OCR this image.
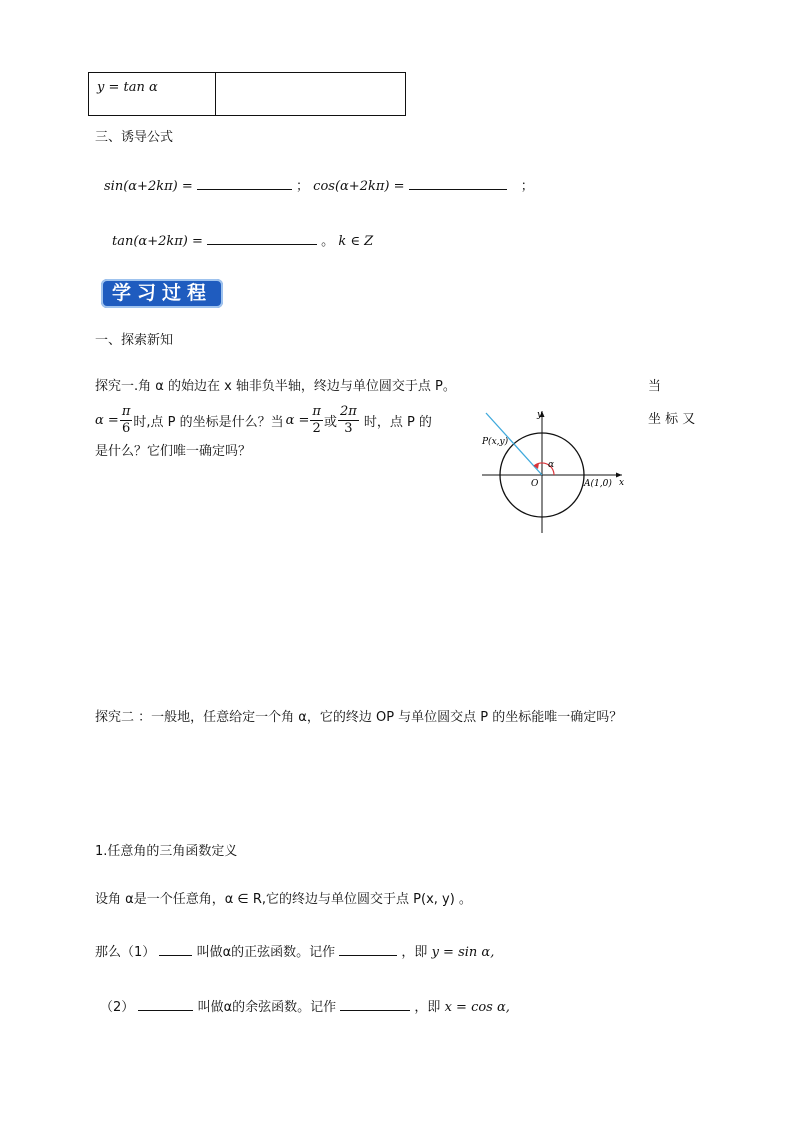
y = tan α
三、诱导公式
sin(α+2kπ) =	； cos(α+2kπ) =	；
tan(α+2kπ) =	。 k ∈ Z
学习过程
一、探索新知
探究一.角 α 的始边在 x 轴非负半轴，终边与单位圆交于点 P。	当
$\alpha = \frac{\pi}{6}$ 时,点 P 的坐标是什么？当 $\alpha = \frac{\pi}{2}$ 或 $\frac{2\pi}{3}$ 时，点 P 的	坐 标 又
是什么？它们唯一确定吗？
y
x
O
P(x,y)
A(1,0)
α
探究二 ：一般地，任意给定一个角 α，它的终边 OP 与单位圆交点 P 的坐标能唯一确定吗？
1.任意角的三角函数定义
设角 α是一个任意角，α ∈ R,它的终边与单位圆交于点 P(x, y) 。
那么（1）	叫做α的正弦函数。记作	，即 y = sin α,
（2）	叫做α的余弦函数。记作	，即 x = cos α,
